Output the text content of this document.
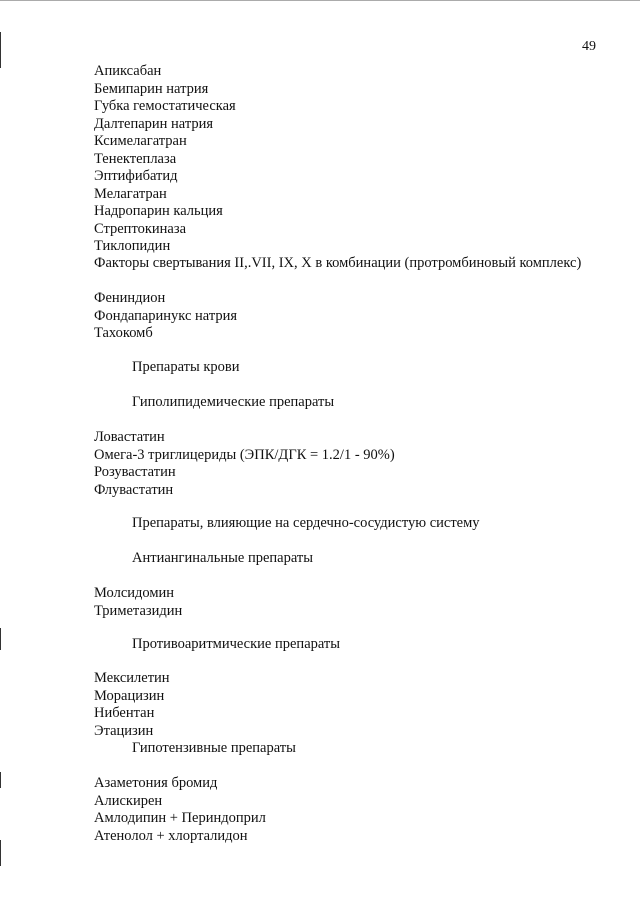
49
Апиксабан
Бемипарин натрия
Губка гемостатическая
Далтепарин натрия
Ксимелагатран
Тенектеплаза
Эптифибатид
Мелагатран
Надропарин кальция
Стрептокиназа
Тиклопидин
Факторы свертывания II,.VII, IX, X в комбинации (протромбиновый комплекс)
Фениндион
Фондапаринукс натрия
Тахокомб
Препараты крови
Гиполипидемические препараты
Ловастатин
Омега-3 триглицериды (ЭПК/ДГК = 1.2/1 - 90%)
Розувастатин
Флувастатин
Препараты, влияющие на сердечно-сосудистую систему
Антиангинальные препараты
Молсидомин
Триметазидин
Противоаритмические препараты
Мексилетин
Морацизин
Нибентан
Этацизин
Гипотензивные препараты
Азаметония бромид
Алискирен
Амлодипин + Периндоприл
Атенолол + хлорталидон
